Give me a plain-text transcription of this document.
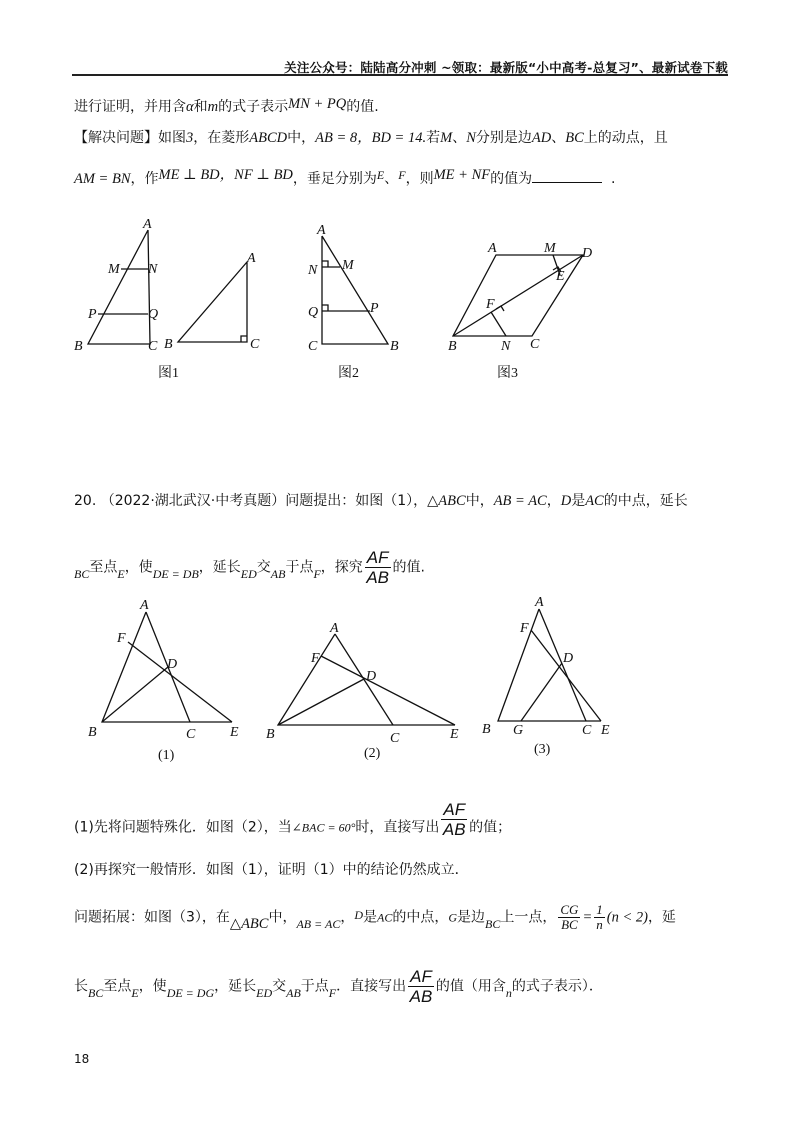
关注公众号：陆陆高分冲刺 ~领取：最新版“小中高考-总复习”、最新试卷下载
进行证明，并用含α和m的式子表示MN + PQ的值.
【解决问题】如图3，在菱形ABCD中，AB = 8，BD = 14.若M、N分别是边AD、BC上的动点，且
AM = BN，作ME ⊥ BD，NF ⊥ BD，垂足分别为E、F，则ME + NF的值为	.
A
M N
P	Q
B	C
图1
A
B	C
A
N M
Q	P
C	B
图2
A	M D
E
F
B	N C
图3
20. （2022·湖北武汉·中考真题）问题提出：如图（1），△ABC中，AB = AC，D是AC的中点，延长
BC至点E，使DE = DB，延长ED交AB于点F，探究 $\frac{AF}{AB}$ 的值.
A
F
D
B	C E
(1)
A
F
D
B	C	E
(2)
A
F
D
B G	C E
(3)
(1)先将问题特殊化．如图（2），当∠BAC = 60°时，直接写出 $\frac{AF}{AB}$ 的值；
(2)再探究一般情形．如图（1），证明（1）中的结论仍然成立．
问题拓展：如图（3），在△ABC中，AB = AC，D是AC的中点，G是边BC上一点， $\frac{CG}{BC} = \frac{1}{n} (n < 2)$，延
长BC至点E，使DE = DG，延长ED交AB于点F．直接写出 $\frac{AF}{AB}$ 的值（用含n的式子表示）．
18
